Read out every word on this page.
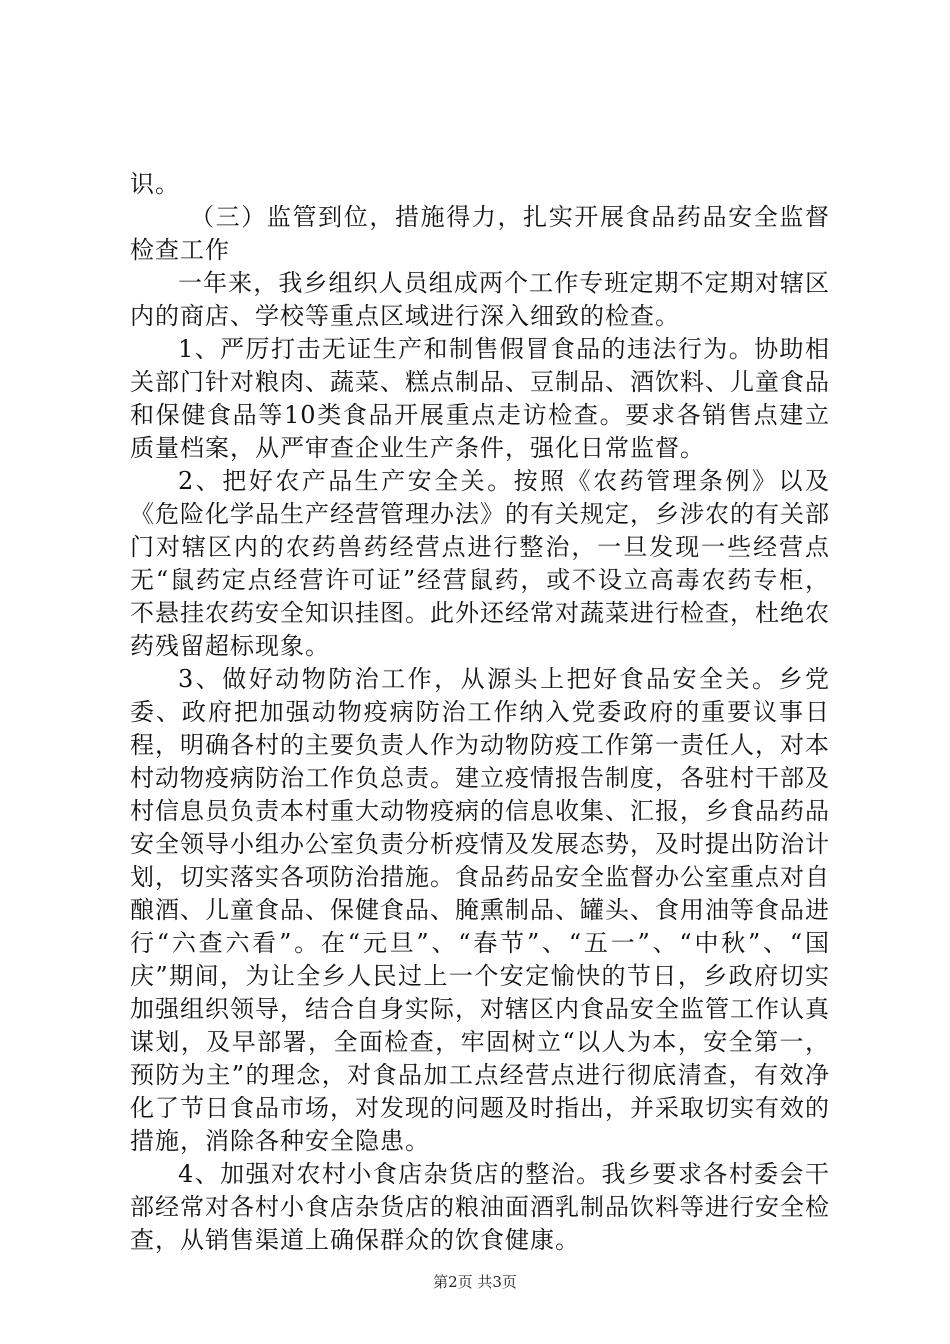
识。

（三）监管到位，措施得力，扎实开展食品药品安全监督检查工作

一年来，我乡组织人员组成两个工作专班定期不定期对辖区内的商店、学校等重点区域进行深入细致的检查。

1、严厉打击无证生产和制售假冒食品的违法行为。协助相关部门针对粮肉、蔬菜、糕点制品、豆制品、酒饮料、儿童食品和保健食品等10类食品开展重点走访检查。要求各销售点建立质量档案，从严审查企业生产条件，强化日常监督。

2、把好农产品生产安全关。按照《农药管理条例》以及《危险化学品生产经营管理办法》的有关规定，乡涉农的有关部门对辖区内的农药兽药经营点进行整治，一旦发现一些经营点无“鼠药定点经营许可证”经营鼠药，或不设立高毒农药专柜，不悬挂农药安全知识挂图。此外还经常对蔬菜进行检查，杜绝农药残留超标现象。

3、做好动物防治工作，从源头上把好食品安全关。乡党委、政府把加强动物疫病防治工作纳入党委政府的重要议事日程，明确各村的主要负责人作为动物防疫工作第一责任人，对本村动物疫病防治工作负总责。建立疫情报告制度，各驻村干部及村信息员负责本村重大动物疫病的信息收集、汇报，乡食品药品安全领导小组办公室负责分析疫情及发展态势，及时提出防治计划，切实落实各项防治措施。食品药品安全监督办公室重点对自酿酒、儿童食品、保健食品、腌熏制品、罐头、食用油等食品进行“六查六看”。在“元旦”、“春节”、“五一”、“中秋”、“国庆”期间，为让全乡人民过上一个安定愉快的节日，乡政府切实加强组织领导，结合自身实际，对辖区内食品安全监管工作认真谋划，及早部署，全面检查，牢固树立“以人为本，安全第一，预防为主”的理念，对食品加工点经营点进行彻底清查，有效净化了节日食品市场，对发现的问题及时指出，并采取切实有效的措施，消除各种安全隐患。

4、加强对农村小食店杂货店的整治。我乡要求各村委会干部经常对各村小食店杂货店的粮油面酒乳制品饮料等进行安全检查，从销售渠道上确保群众的饮食健康。

第2页 共3页
